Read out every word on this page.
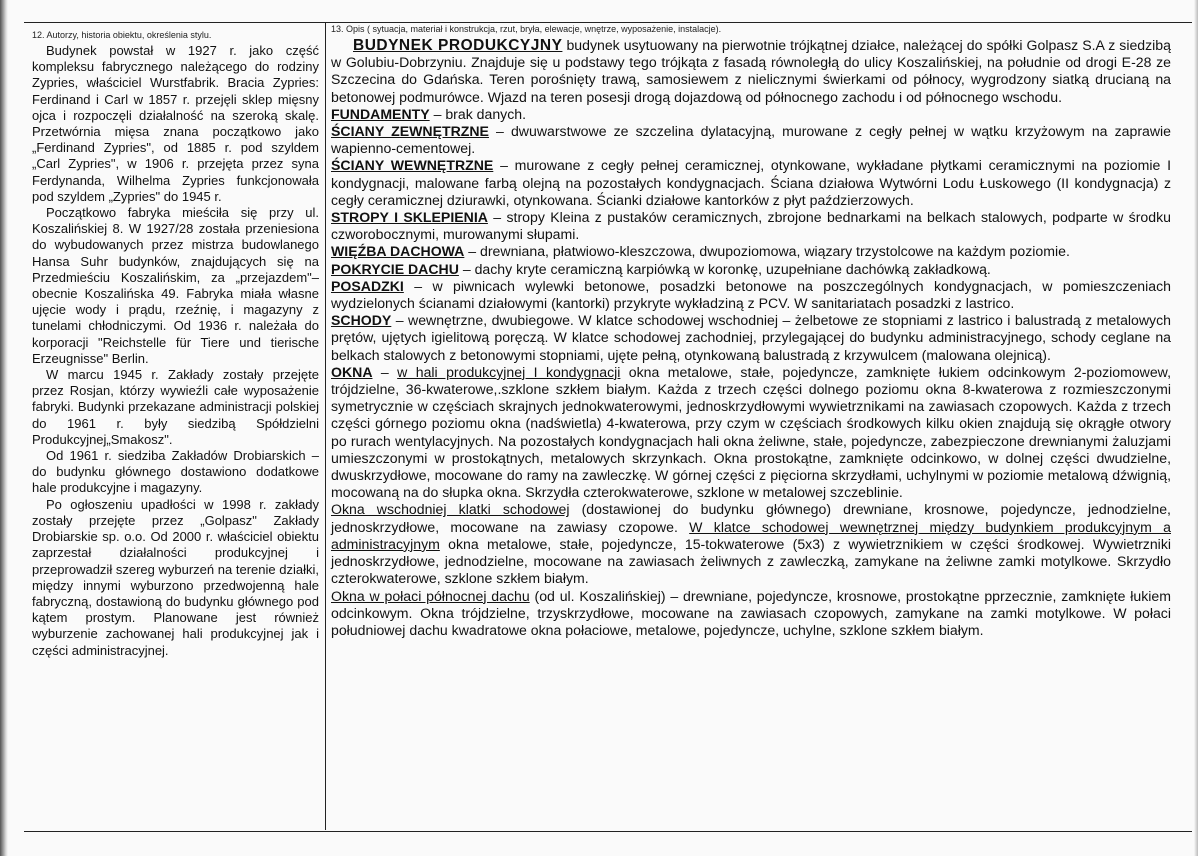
12. Autorzy, historia obiektu, określenia stylu.

Budynek powstał w 1927 r. jako część kompleksu fabrycznego należącego do rodziny Zypries, właściciel Wurstfabrik. Bracia Zypries: Ferdinand i Carl w 1857 r. przejęli sklep mięsny ojca i rozpoczęli działalność na szeroką skalę. Przetwórnia mięsa znana początkowo jako „Ferdinand Zypries", od 1885 r. pod szyldem „Carl Zypries", w 1906 r. przejęta przez syna Ferdynanda, Wilhelma Zypries funkcjonowała pod szyldem „Zypries" do 1945 r.

Początkowo fabryka mieściła się przy ul. Koszalińskiej 8. W 1927/28 została przeniesiona do wybudowanych przez mistrza budowlanego Hansa Suhr budynków, znajdujących się na Przedmieściu Koszalińskim, za „przejazdem"– obecnie Koszalińska 49. Fabryka miała własne ujęcie wody i prądu, rzeźnię, i magazyny z tunelami chłodniczymi. Od 1936 r. należała do korporacji "Reichstelle für Tiere und tierische Erzeugnisse" Berlin.

W marcu 1945 r. Zakłady zostały przejęte przez Rosjan, którzy wywieźli całe wyposażenie fabryki. Budynki przekazane administracji polskiej do 1961 r. były siedzibą Spółdzielni Produkcyjnej„Smakosz".

Od 1961 r. siedziba Zakładów Drobiarskich – do budynku głównego dostawiono dodatkowe hale produkcyjne i magazyny.

Po ogłoszeniu upadłości w 1998 r. zakłady zostały przejęte przez „Golpasz" Zakłady Drobiarskie sp. o.o. Od 2000 r. właściciel obiektu zaprzestał działalności produkcyjnej i przeprowadził szereg wyburzeń na terenie działki, między innymi wyburzono przedwojenną hale fabryczną, dostawioną do budynku głównego pod kątem prostym. Planowane jest również wyburzenie zachowanej hali produkcyjnej jak i części administracyjnej.

13. Opis ( sytuacja, materiał i konstrukcja, rzut, bryła, elewacje, wnętrze, wyposażenie, instalacje).

BUDYNEK PRODUKCYJNY budynek usytuowany na pierwotnie trójkątnej działce, należącej do spółki Golpasz S.A z siedzibą w Golubiu-Dobrzyniu. Znajduje się u podstawy tego trójkąta z fasadą równoległą do ulicy Koszalińskiej, na południe od drogi E-28 ze Szczecina do Gdańska. Teren porośnięty trawą, samosiewem z nielicznymi świerkami od północy, wygrodzony siatką drucianą na betonowej podmurówce. Wjazd na teren posesji drogą dojazdową od północnego zachodu i od północnego wschodu.

FUNDAMENTY – brak danych.

ŚCIANY ZEWNĘTRZNE – dwuwarstwowe ze szczelina dylatacyjną, murowane z cegły pełnej w wątku krzyżowym na zaprawie wapienno-cementowej.

ŚCIANY WEWNĘTRZNE – murowane z cegły pełnej ceramicznej, otynkowane, wykładane płytkami ceramicznymi na poziomie I kondygnacji, malowane farbą olejną na pozostałych kondygnacjach. Ściana działowa Wytwórni Lodu Łuskowego (II kondygnacja) z cegły ceramicznej dziurawki, otynkowana. Ścianki działowe kantorków z płyt paździerzowych.

STROPY I SKLEPIENIA – stropy Kleina z pustaków ceramicznych, zbrojone bednarkami na belkach stalowych, podparte w środku czworobocznymi, murowanymi słupami.

WIĘŹBA DACHOWA – drewniana, płatwiowo-kleszczowa, dwupoziomowa, wiązary trzystolcowe na każdym poziomie.

POKRYCIE DACHU – dachy kryte ceramiczną karpiówką w koronkę, uzupełniane dachówką zakładkową.

POSADZKI – w piwnicach wylewki betonowe, posadzki betonowe na poszczególnych kondygnacjach, w pomieszczeniach wydzielonych ścianami działowymi (kantorki) przykryte wykładziną z PCV. W sanitariatach posadzki z lastrico.

SCHODY – wewnętrzne, dwubiegowe. W klatce schodowej wschodniej – żelbetowe ze stopniami z lastrico i balustradą z metalowych prętów, ujętych igielitową poręczą. W klatce schodowej zachodniej, przylegającej do budynku administracyjnego, schody ceglane na belkach stalowych z betonowymi stopniami, ujęte pełną, otynkowaną balustradą z krzywulcem (malowana olejnicą).

OKNA – w hali produkcyjnej I kondygnacji okna metalowe, stałe, pojedyncze, zamknięte łukiem odcinkowym 2-poziomowew, trójdzielne, 36-kwaterowe,.szklone szkłem białym. Każda z trzech części dolnego poziomu okna 8-kwaterowa z rozmieszczonymi symetrycznie w częściach skrajnych jednokwaterowymi, jednoskrzydłowymi wywietrznikami na zawiasach czopowych. Każda z trzech części górnego poziomu okna (nadświetla) 4-kwaterowa, przy czym w częściach środkowych kilku okien znajdują się okrągłe otwory po rurach wentylacyjnych. Na pozostałych kondygnacjach hali okna żeliwne, stałe, pojedyncze, zabezpieczone drewnianymi żaluzjami umieszczonymi w prostokątnych, metalowych skrzynkach. Okna prostokątne, zamknięte odcinkowo, w dolnej części dwudzielne, dwuskrzydłowe, mocowane do ramy na zawleczkę. W górnej części z pięciorna skrzydłami, uchylnymi w poziomie metalową dźwignią, mocowaną na do słupka okna. Skrzydła czterokwaterowe, szklone w metalowej szczeblinie.

Okna wschodniej klatki schodowej (dostawionej do budynku głównego) drewniane, krosnowe, pojedyncze, jednodzielne, jednoskrzydłowe, mocowane na zawiasy czopowe. W klatce schodowej wewnętrznej między budynkiem produkcyjnym a administracyjnym okna metalowe, stałe, pojedyncze, 15-tokwaterowe (5x3) z wywietrznikiem w części środkowej. Wywietrzniki jednoskrzydłowe, jednodzielne, mocowane na zawiasach żeliwnych z zawleczką, zamykane na żeliwne zamki motylkowe. Skrzydło czterokwaterowe, szklone szkłem białym.

Okna w połaci północnej dachu (od ul. Koszalińskiej) – drewniane, pojedyncze, krosnowe, prostokątne pprzecznie, zamknięte łukiem odcinkowym. Okna trójdzielne, trzyskrzydłowe, mocowane na zawiasach czopowych, zamykane na zamki motylkowe. W połaci południowej dachu kwadratowe okna połaciowe, metalowe, pojedyncze, uchylne, szklone szkłem białym.
